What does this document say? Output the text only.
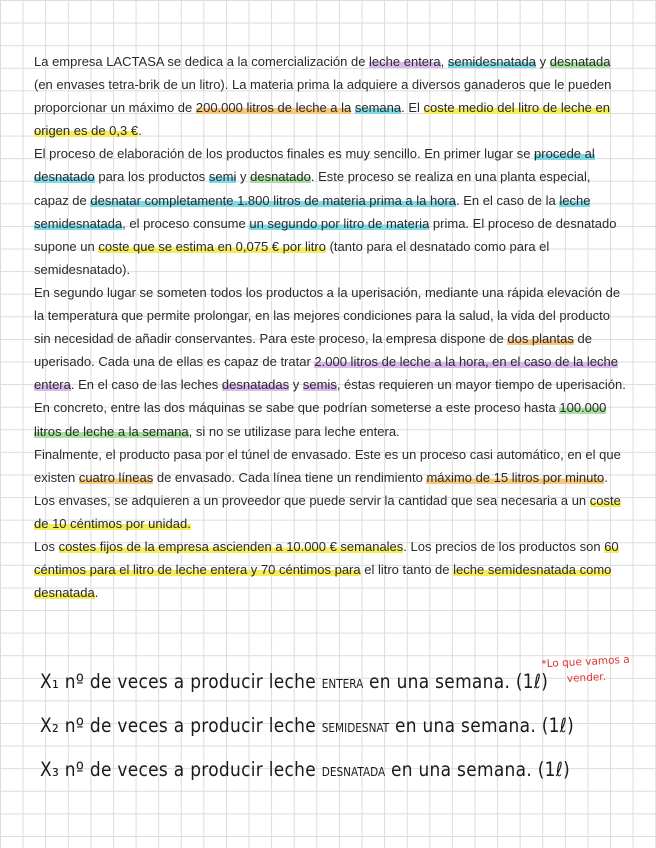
La empresa LACTASA se dedica a la comercialización de leche entera, semidesnatada y desnatada (en envases tetra-brik de un litro). La materia prima la adquiere a diversos ganaderos que le pueden proporcionar un máximo de 200.000 litros de leche a la semana. El coste medio del litro de leche en origen es de 0,3 €.

El proceso de elaboración de los productos finales es muy sencillo. En primer lugar se procede al desnatado para los productos semi y desnatado. Este proceso se realiza en una planta especial, capaz de desnatar completamente 1.800 litros de materia prima a la hora. En el caso de la leche semidesnatada, el proceso consume un segundo por litro de materia prima. El proceso de desnatado supone un coste que se estima en 0,075 € por litro (tanto para el desnatado como para el semidesnatado).

En segundo lugar se someten todos los productos a la uperisación, mediante una rápida elevación de la temperatura que permite prolongar, en las mejores condiciones para la salud, la vida del producto sin necesidad de añadir conservantes. Para este proceso, la empresa dispone de dos plantas de uperisado. Cada una de ellas es capaz de tratar 2.000 litros de leche a la hora, en el caso de la leche entera. En el caso de las leches desnatadas y semis, éstas requieren un mayor tiempo de uperisación. En concreto, entre las dos máquinas se sabe que podrían someterse a este proceso hasta 100.000 litros de leche a la semana, si no se utilizase para leche entera.

Finalmente, el producto pasa por el túnel de envasado. Este es un proceso casi automático, en el que existen cuatro líneas de envasado. Cada línea tiene un rendimiento máximo de 15 litros por minuto. Los envases, se adquieren a un proveedor que puede servir la cantidad que sea necesaria a un coste de 10 céntimos por unidad.

Los costes fijos de la empresa ascienden a 10.000 € semanales. Los precios de los productos son 60 céntimos para el litro de leche entera y 70 céntimos para el litro tanto de leche semidesnatada como desnatada.

X₁ nº de veces a producir leche ENTERA en una semana. (1ℓ)
X₂ nº de veces a producir leche SEMIDESNAT en una semana. (1ℓ)
X₃ nº de veces a producir leche DESNATADA en una semana. (1ℓ)
*Lo que vamos a vender.
